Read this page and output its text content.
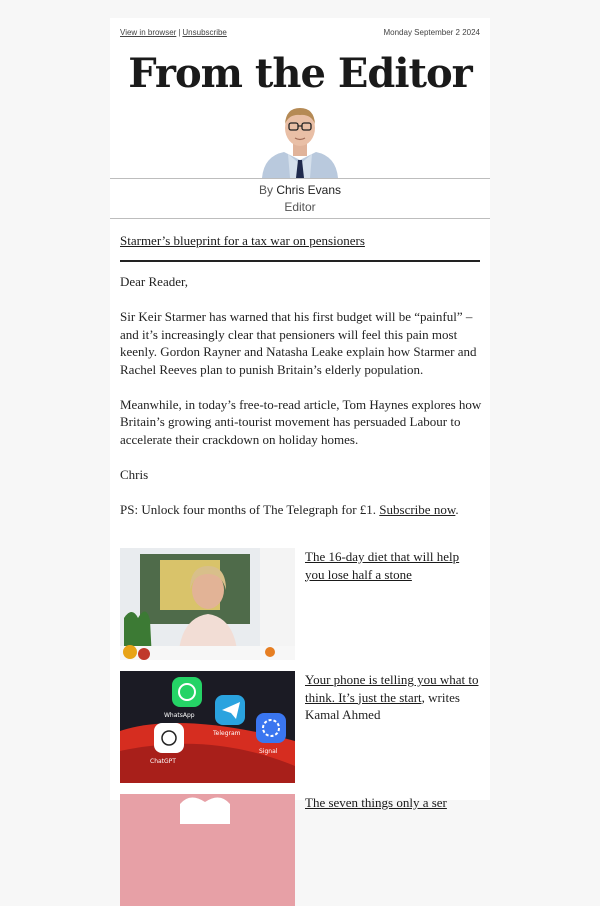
View in browser | Unsubscribe	Monday September 2 2024
From the Editor
By Chris Evans
Editor
Starmer’s blueprint for a tax war on pensioners

Dear Reader,

Sir Keir Starmer has warned that his first budget will be “painful” – and it’s increasingly clear that pensioners will feel this pain most keenly. Gordon Rayner and Natasha Leake explain how Starmer and Rachel Reeves plan to punish Britain’s elderly population.

Meanwhile, in today’s free-to-read article, Tom Haynes explores how Britain’s growing anti-tourist movement has persuaded Labour to accelerate their crackdown on holiday homes.

Chris

PS: Unlock four months of The Telegraph for £1. Subscribe now.

The 16-day diet that will help you lose half a stone
WhatsApp
Telegram
Signal
ChatGPT
Your phone is telling you what to think. It’s just the start, writes Kamal Ahmed
The seven things only a ser
